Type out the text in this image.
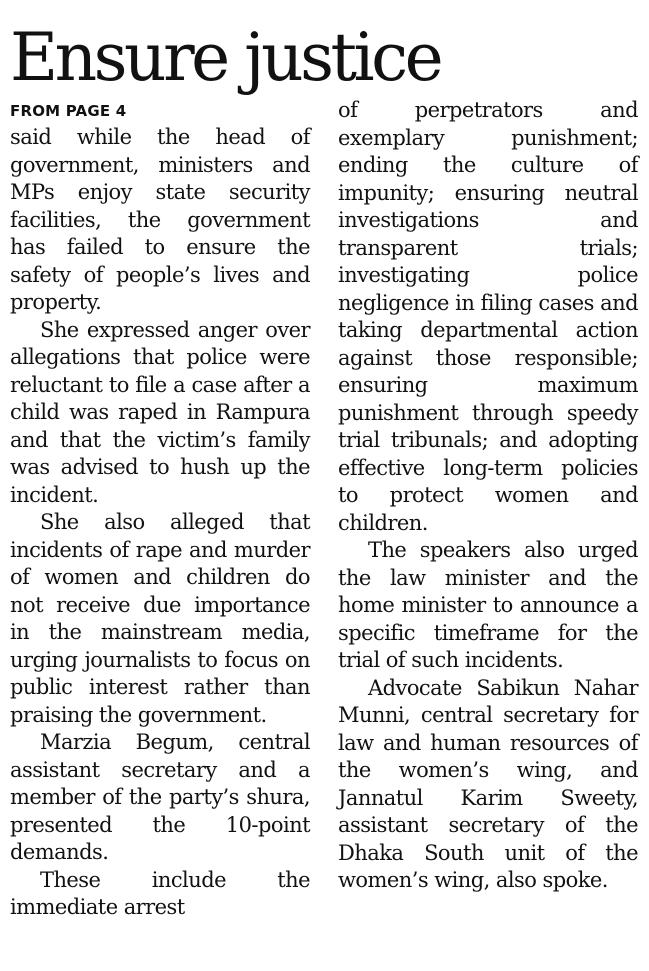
Ensure justice
FROM PAGE 4

said while the head of government, ministers and MPs enjoy state security facilities, the government has failed to ensure the safety of people’s lives and property.

She expressed anger over allegations that police were reluctant to file a case after a child was raped in Rampura and that the victim’s family was advised to hush up the incident.

She also alleged that incidents of rape and murder of women and children do not receive due importance in the mainstream media, urging journalists to focus on public interest rather than praising the government.

Marzia Begum, central assistant secretary and a member of the party’s shura, presented the 10-point demands.

These include the immediate arrest

of perpetrators and exemplary punishment; ending the culture of impunity; ensuring neutral investigations and transparent trials; investigating police negligence in filing cases and taking departmental action against those responsible; ensuring maximum punishment through speedy trial tribunals; and adopting effective long-term policies to protect women and children.

The speakers also urged the law minister and the home minister to announce a specific timeframe for the trial of such incidents.

Advocate Sabikun Nahar Munni, central secretary for law and human resources of the women’s wing, and Jannatul Karim Sweety, assistant secretary of the Dhaka South unit of the women’s wing, also spoke.
